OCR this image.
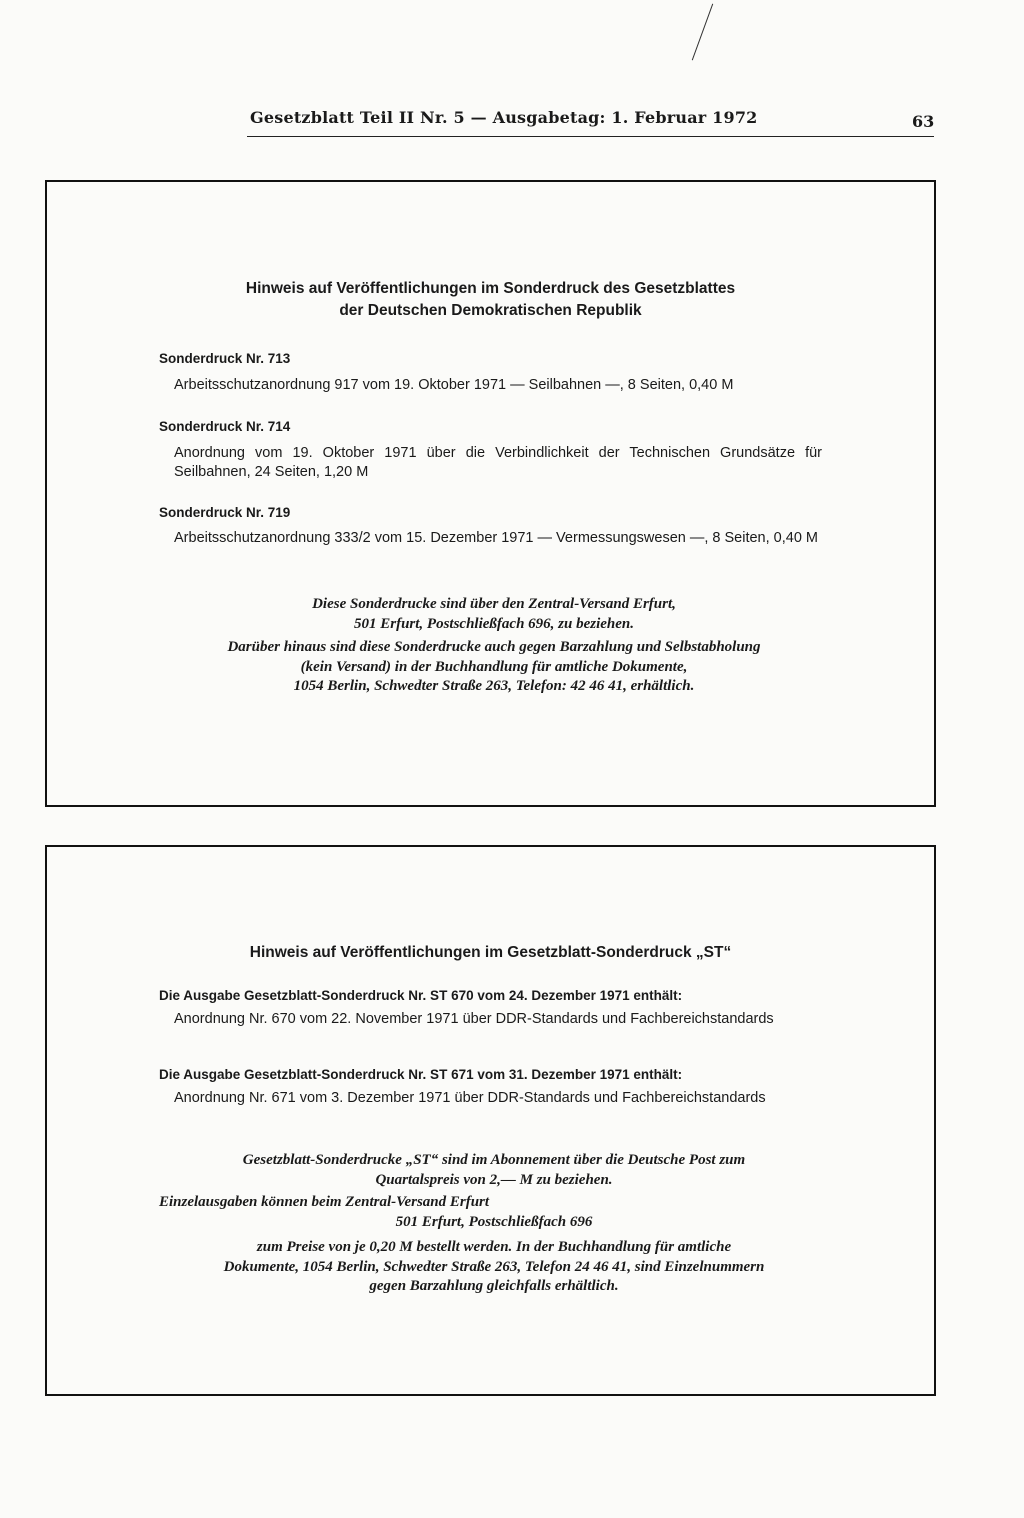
Gesetzblatt Teil II Nr. 5 — Ausgabetag: 1. Februar 1972	63
Hinweis auf Veröffentlichungen im Sonderdruck des Gesetzblattes
der Deutschen Demokratischen Republik
Sonderdruck Nr. 713
Arbeitsschutzanordnung 917 vom 19. Oktober 1971 — Seilbahnen —, 8 Seiten, 0,40 M
Sonderdruck Nr. 714
Anordnung vom 19. Oktober 1971 über die Verbindlichkeit der Technischen Grundsätze für Seilbahnen, 24 Seiten, 1,20 M
Sonderdruck Nr. 719
Arbeitsschutzanordnung 333/2 vom 15. Dezember 1971 — Vermessungswesen —, 8 Seiten, 0,40 M
Diese Sonderdrucke sind über den Zentral-Versand Erfurt,
501 Erfurt, Postschließfach 696, zu beziehen.
Darüber hinaus sind diese Sonderdrucke auch gegen Barzahlung und Selbstabholung
(kein Versand) in der Buchhandlung für amtliche Dokumente,
1054 Berlin, Schwedter Straße 263, Telefon: 42 46 41, erhältlich.
Hinweis auf Veröffentlichungen im Gesetzblatt-Sonderdruck „ST“
Die Ausgabe Gesetzblatt-Sonderdruck Nr. ST 670 vom 24. Dezember 1971 enthält:
Anordnung Nr. 670 vom 22. November 1971 über DDR-Standards und Fachbereichstandards
Die Ausgabe Gesetzblatt-Sonderdruck Nr. ST 671 vom 31. Dezember 1971 enthält:
Anordnung Nr. 671 vom 3. Dezember 1971 über DDR-Standards und Fachbereichstandards
Gesetzblatt-Sonderdrucke „ST“ sind im Abonnement über die Deutsche Post zum
Quartalspreis von 2,— M zu beziehen.
Einzelausgaben können beim Zentral-Versand Erfurt
501 Erfurt, Postschließfach 696
zum Preise von je 0,20 M bestellt werden. In der Buchhandlung für amtliche
Dokumente, 1054 Berlin, Schwedter Straße 263, Telefon 24 46 41, sind Einzelnummern
gegen Barzahlung gleichfalls erhältlich.
